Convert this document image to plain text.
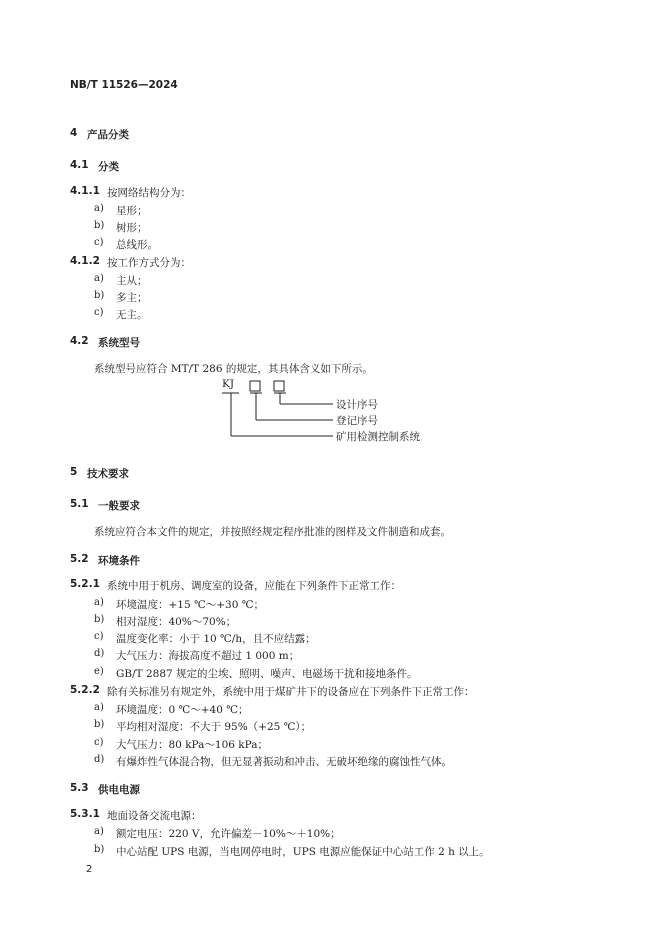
NB/T 11526—2024
4 产品分类
4.1 分类
4.1.1 按网络结构分为：
a) 星形；
b) 树形；
c) 总线形。
4.1.2 按工作方式分为：
a) 主从；
b) 多主；
c) 无主。
4.2 系统型号
系统型号应符合 MT/T 286 的规定，其具体含义如下所示。
KJ
设计序号
登记序号
矿用检测控制系统
5 技术要求
5.1 一般要求
系统应符合本文件的规定，并按照经规定程序批准的图样及文件制造和成套。
5.2 环境条件
5.2.1 系统中用于机房、调度室的设备，应能在下列条件下正常工作：
a) 环境温度：+15 ℃～+30 ℃；
b) 相对湿度：40%～70%；
c) 温度变化率：小于 10 ℃/h，且不应结露；
d) 大气压力：海拔高度不超过 1 000 m；
e) GB/T 2887 规定的尘埃、照明、噪声、电磁场干扰和接地条件。
5.2.2 除有关标准另有规定外，系统中用于煤矿井下的设备应在下列条件下正常工作：
a) 环境温度：0 ℃～+40 ℃；
b) 平均相对湿度：不大于 95%（+25 ℃）；
c) 大气压力：80 kPa～106 kPa；
d) 有爆炸性气体混合物，但无显著振动和冲击、无破坏绝缘的腐蚀性气体。
5.3 供电电源
5.3.1 地面设备交流电源：
a) 额定电压：220 V，允许偏差－10%～＋10%；
b) 中心站配 UPS 电源，当电网停电时，UPS 电源应能保证中心站工作 2 h 以上。
2
